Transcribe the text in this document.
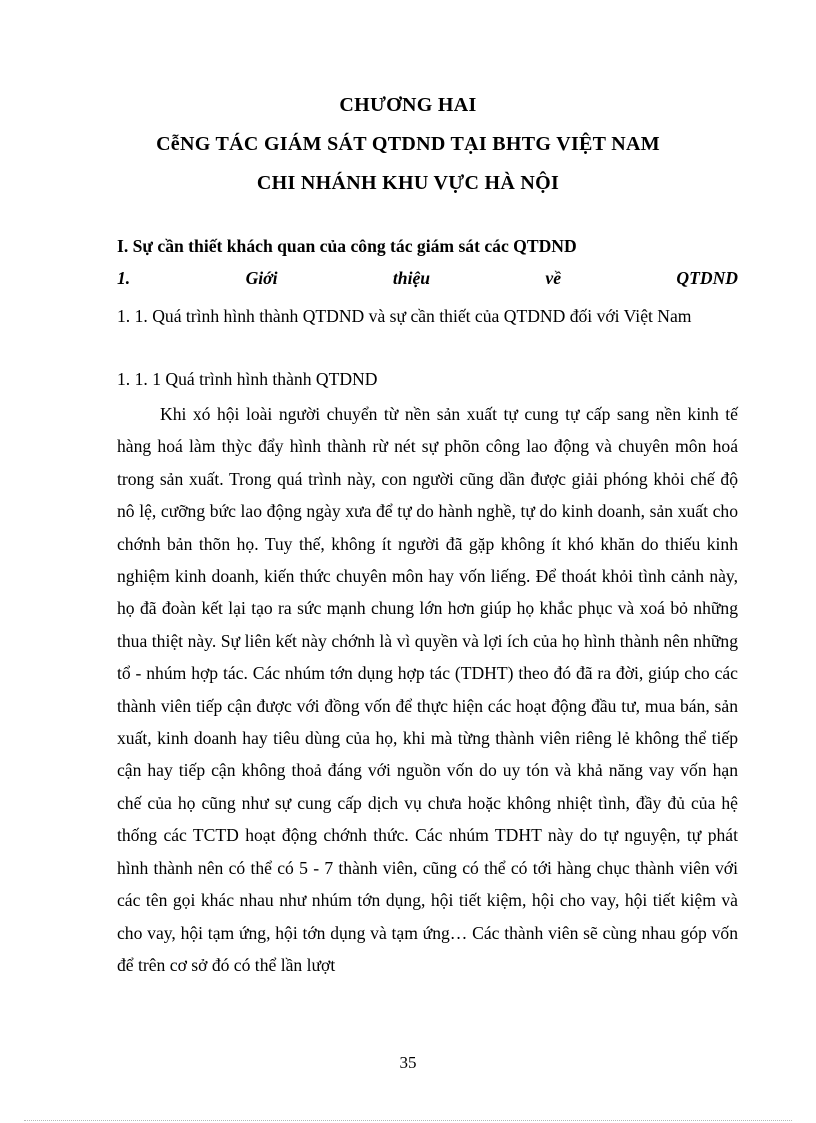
CHƯƠNG HAI
CễNG TÁC GIÁM SÁT QTDND TẠI BHTG VIỆT NAM
CHI NHÁNH KHU VỰC HÀ NỘI
I. Sự cần thiết khách quan của công tác giám sát các QTDND
1.	Giới	thiệu	về	QTDND
1. 1. Quá trình hình thành QTDND và sự cần thiết của QTDND đối với Việt Nam
1. 1. 1 Quá trình hình thành QTDND
Khi xó hội loài người chuyển từ nền sản xuất tự cung tự cấp sang nền kinh tế hàng hoá làm thỳc đẩy hình thành rừ nét sự phõn công lao động và chuyên môn hoá trong sản xuất. Trong quá trình này, con người cũng dần được giải phóng khỏi chế độ nô lệ, cưỡng bức lao động ngày xưa để tự do hành nghề, tự do kinh doanh, sản xuất cho chớnh bản thõn họ. Tuy thế, không ít người đã gặp không ít khó khăn do thiếu kinh nghiệm kinh doanh, kiến thức chuyên môn hay vốn liếng. Để thoát khỏi tình cảnh này, họ đã đoàn kết lại tạo ra sức mạnh chung lớn hơn giúp họ khắc phục và xoá bỏ những thua thiệt này. Sự liên kết này chớnh là vì quyền và lợi ích của họ hình thành nên những tổ - nhúm hợp tác. Các nhúm tớn dụng hợp tác (TDHT) theo đó đã ra đời, giúp cho các thành viên tiếp cận được với đồng vốn để thực hiện các hoạt động đầu tư, mua bán, sản xuất, kinh doanh hay tiêu dùng của họ, khi mà từng thành viên riêng lẻ không thể tiếp cận hay tiếp cận không thoả đáng với nguồn vốn do uy tón và khả năng vay vốn hạn chế của họ cũng như sự cung cấp dịch vụ chưa hoặc không nhiệt tình, đầy đủ của hệ thống các TCTD hoạt động chớnh thức. Các nhúm TDHT này do tự nguyện, tự phát hình thành nên có thể có 5 - 7 thành viên, cũng có thể có tới hàng chục thành viên với các tên gọi khác nhau như nhúm tớn dụng, hội tiết kiệm, hội cho vay, hội tiết kiệm và cho vay, hội tạm ứng, hội tớn dụng và tạm ứng… Các thành viên sẽ cùng nhau góp vốn để trên cơ sở đó có thể lần lượt
35
